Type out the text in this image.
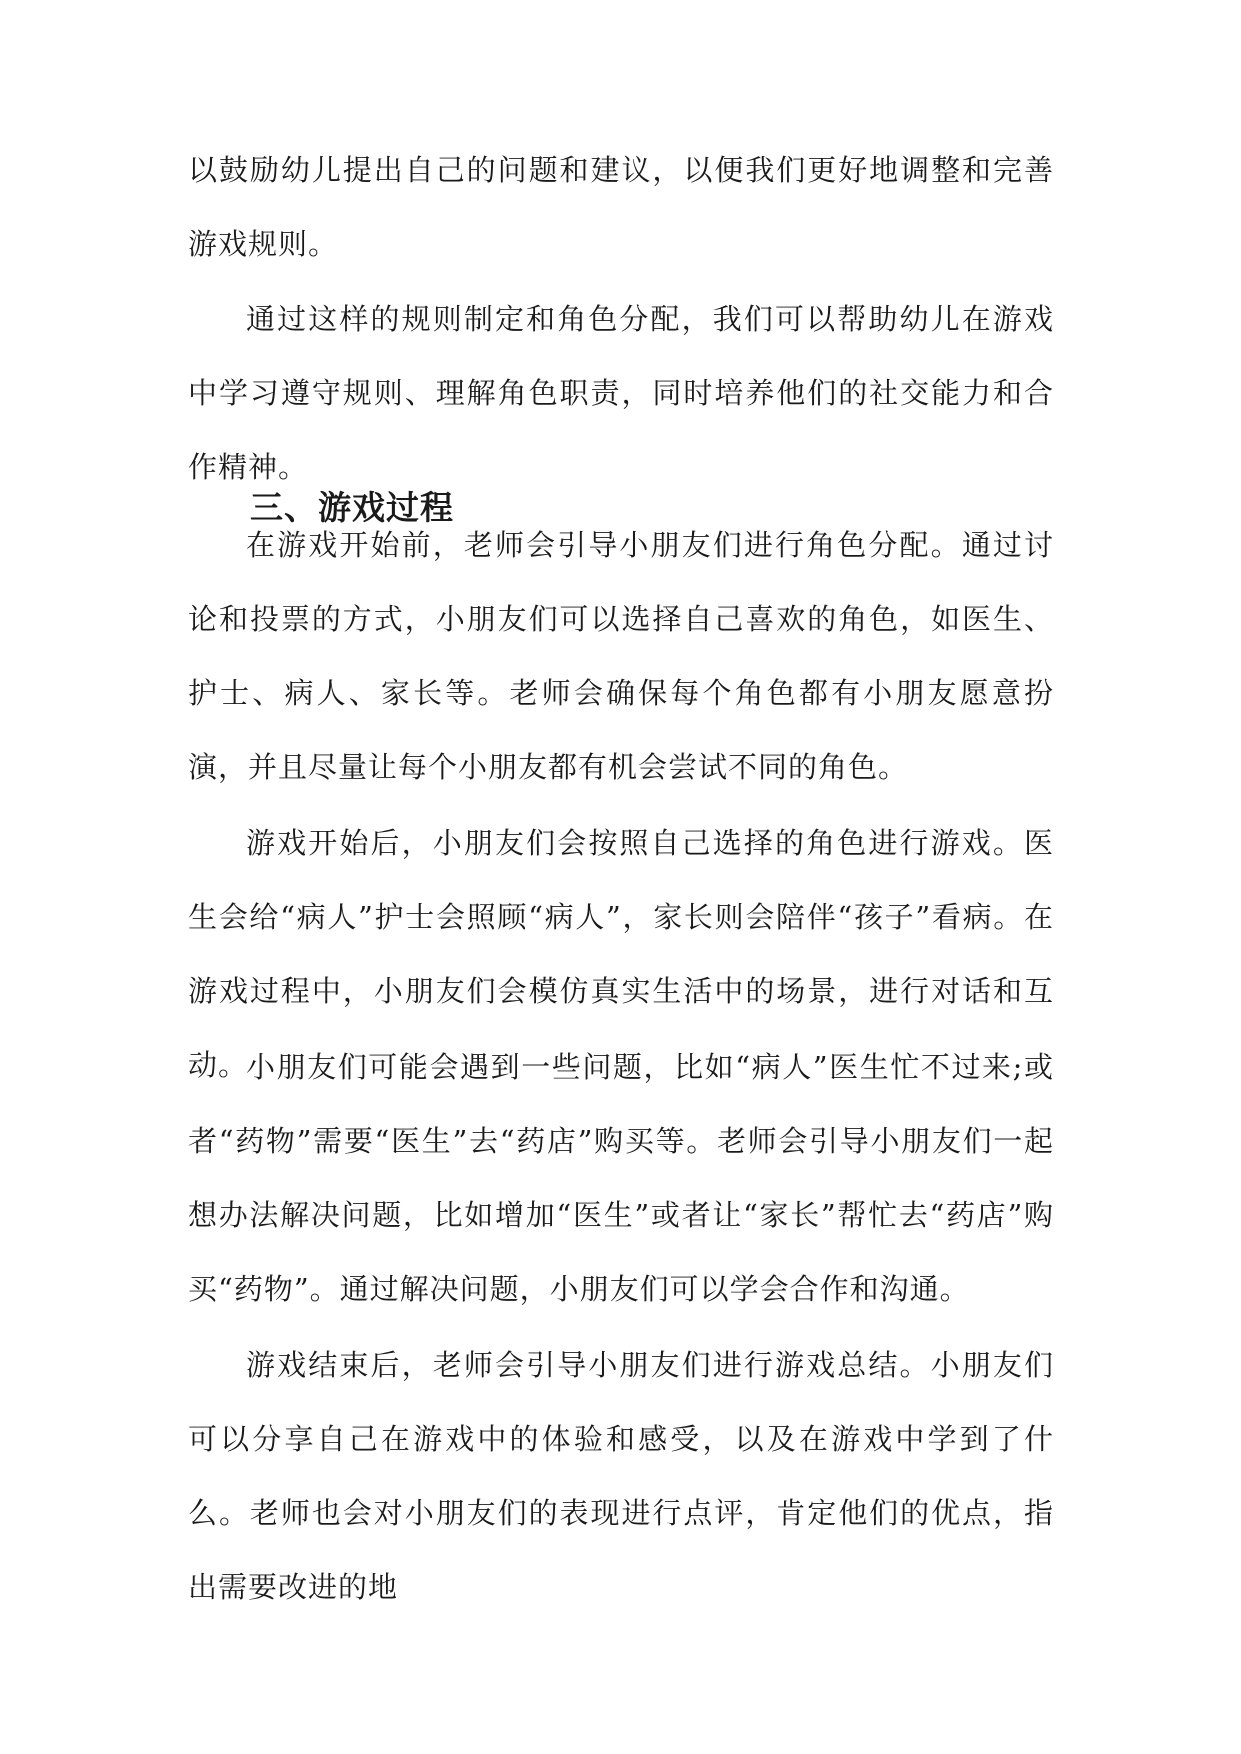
以鼓励幼儿提出自己的问题和建议，以便我们更好地调整和完善游戏规则。

通过这样的规则制定和角色分配，我们可以帮助幼儿在游戏中学习遵守规则、理解角色职责，同时培养他们的社交能力和合作精神。

三、游戏过程

在游戏开始前，老师会引导小朋友们进行角色分配。通过讨论和投票的方式，小朋友们可以选择自己喜欢的角色，如医生、护士、病人、家长等。老师会确保每个角色都有小朋友愿意扮演，并且尽量让每个小朋友都有机会尝试不同的角色。

游戏开始后，小朋友们会按照自己选择的角色进行游戏。医生会给“病人”护士会照顾“病人”，家长则会陪伴“孩子”看病。在游戏过程中，小朋友们会模仿真实生活中的场景，进行对话和互动。

小朋友们可能会遇到一些问题，比如“病人”医生忙不过来;或者“药物”需要“医生”去“药店”购买等。老师会引导小朋友们一起想办法解决问题，比如增加“医生”或者让“家长”帮忙去“药店”购买“药物”。通过解决问题，小朋友们可以学会合作和沟通。

游戏结束后，老师会引导小朋友们进行游戏总结。小朋友们可以分享自己在游戏中的体验和感受，以及在游戏中学到了什么。老师也会对小朋友们的表现进行点评，肯定他们的优点，指出需要改进的地
